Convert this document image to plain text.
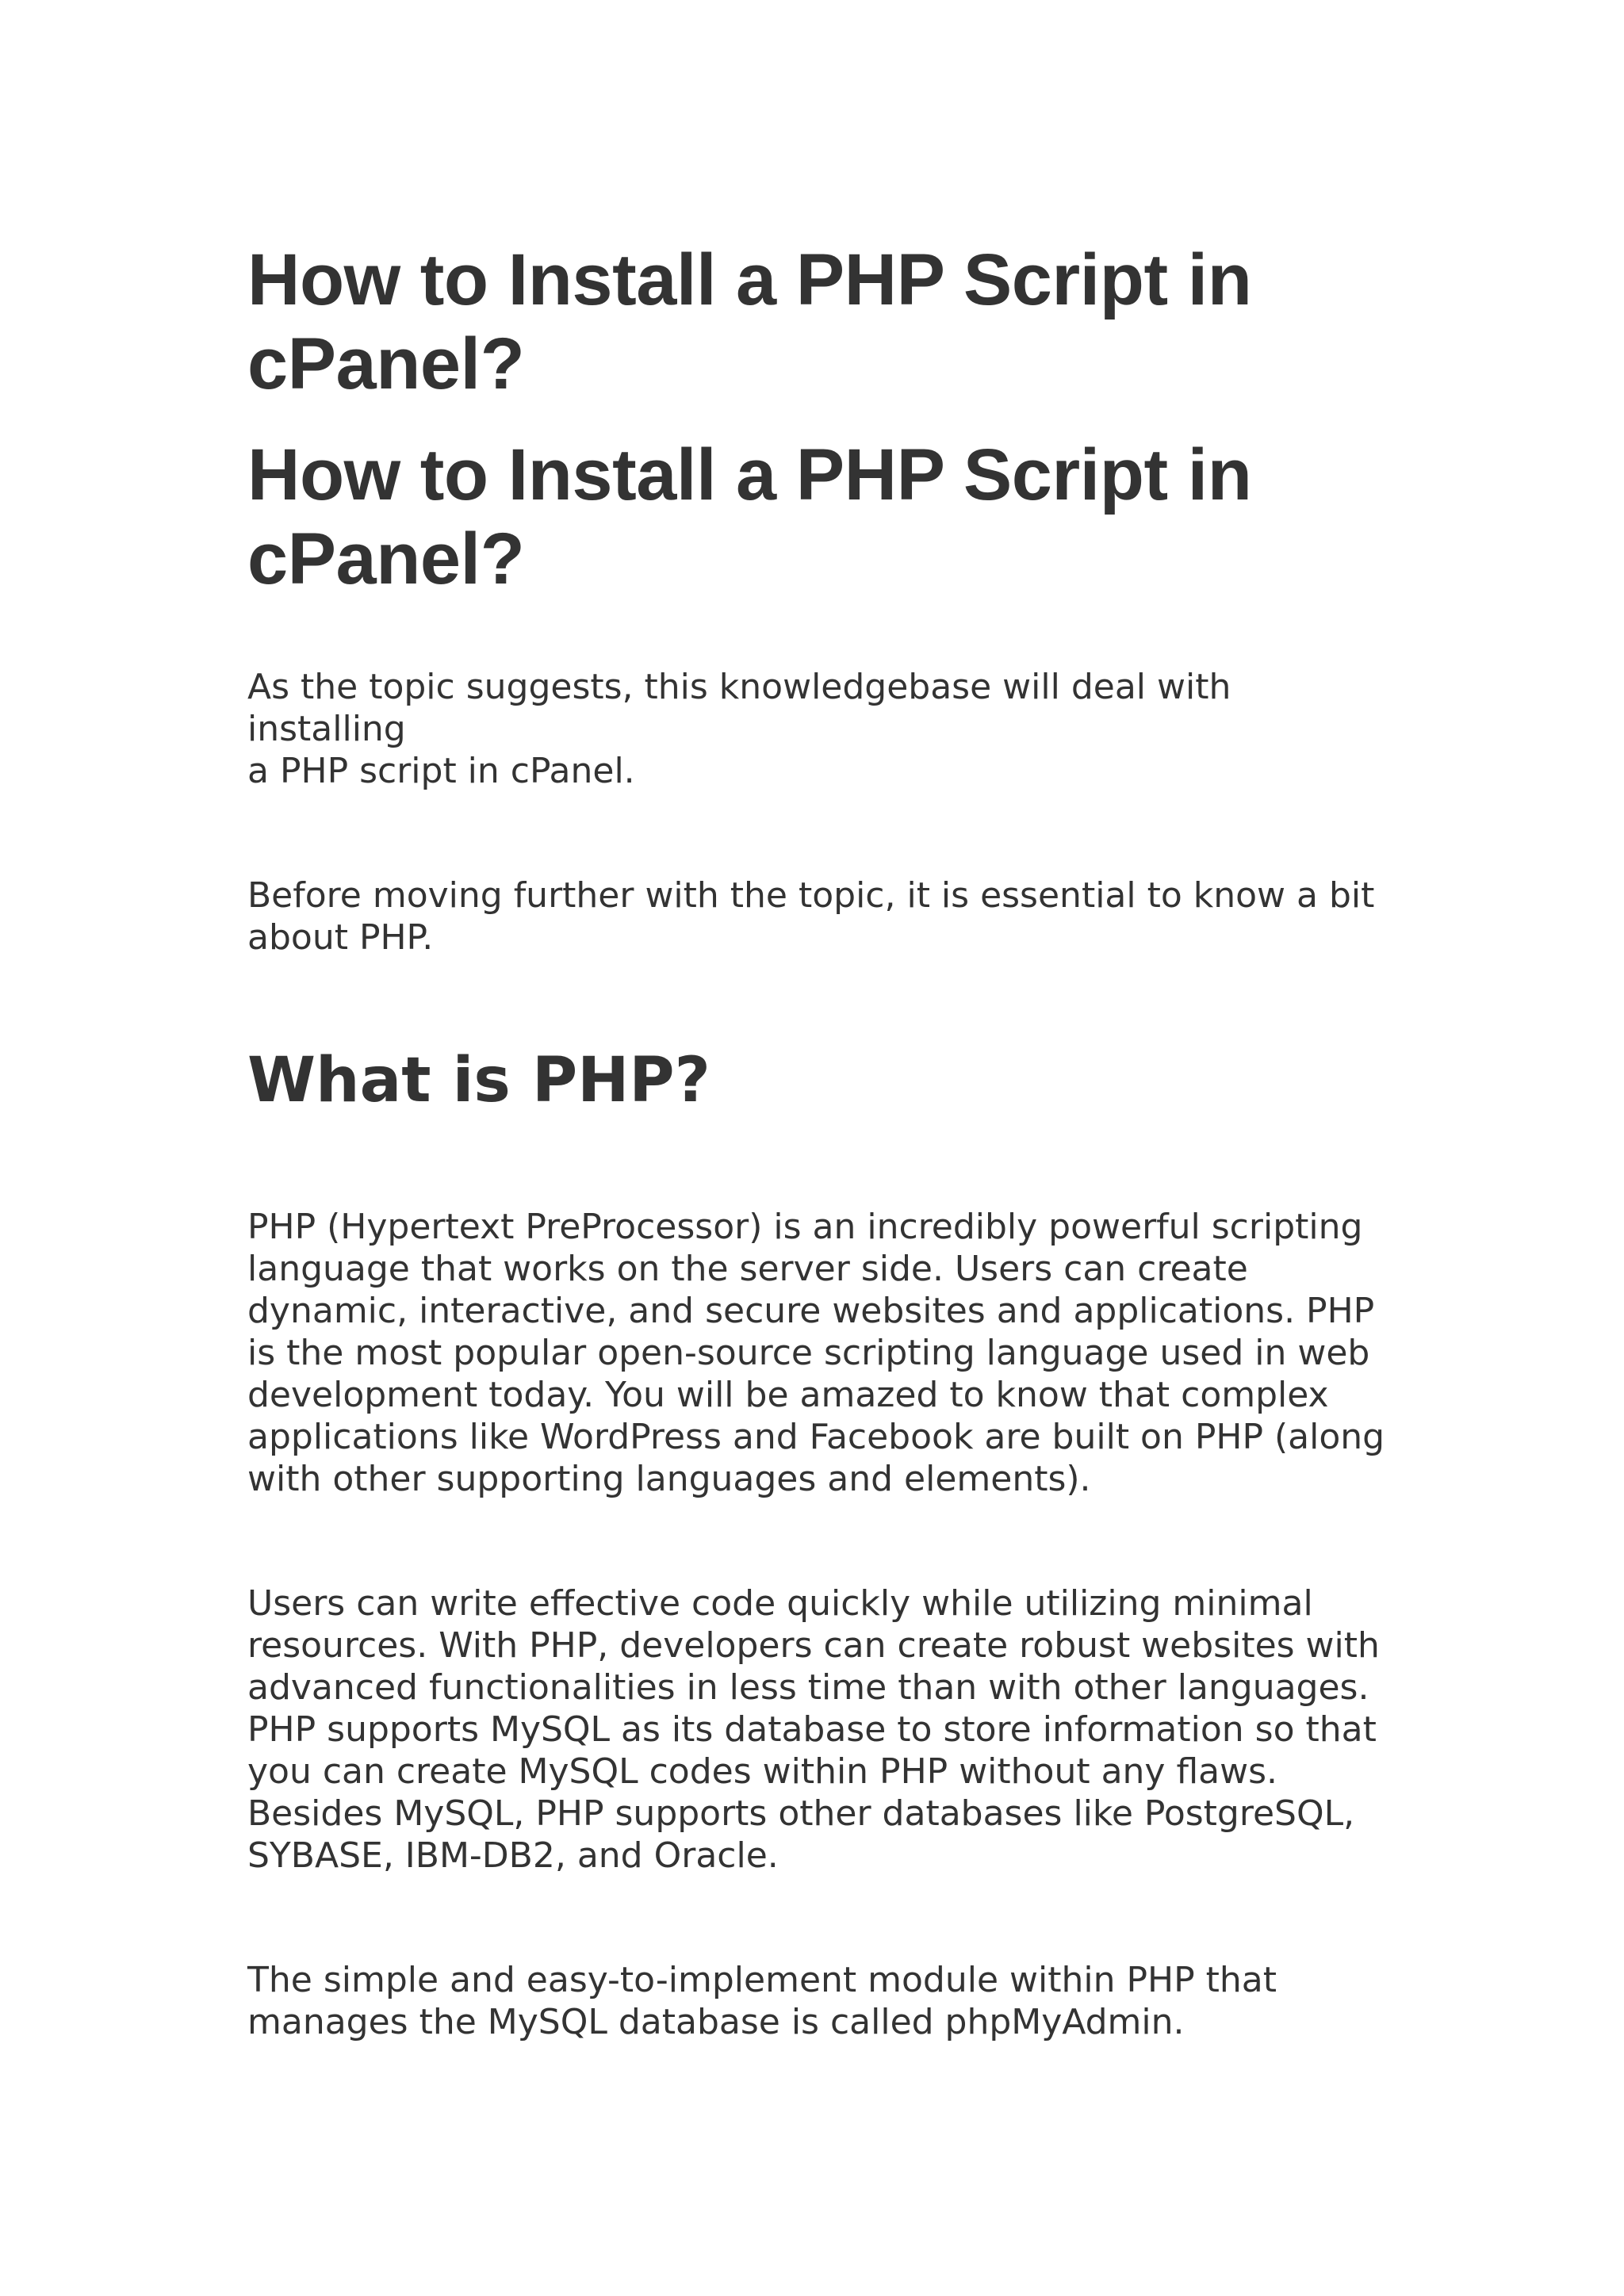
How to Install a PHP Script in
cPanel?
How to Install a PHP Script in
cPanel?

As the topic suggests, this knowledgebase will deal with installing
a PHP script in cPanel.

Before moving further with the topic, it is essential to know a bit
about PHP.

What is PHP?

PHP (Hypertext PreProcessor) is an incredibly powerful scripting
language that works on the server side. Users can create
dynamic, interactive, and secure websites and applications. PHP
is the most popular open-source scripting language used in web
development today. You will be amazed to know that complex
applications like WordPress and Facebook are built on PHP (along
with other supporting languages and elements).

Users can write effective code quickly while utilizing minimal
resources. With PHP, developers can create robust websites with
advanced functionalities in less time than with other languages.
PHP supports MySQL as its database to store information so that
you can create MySQL codes within PHP without any flaws.
Besides MySQL, PHP supports other databases like PostgreSQL,
SYBASE, IBM-DB2, and Oracle.

The simple and easy-to-implement module within PHP that
manages the MySQL database is called phpMyAdmin.
